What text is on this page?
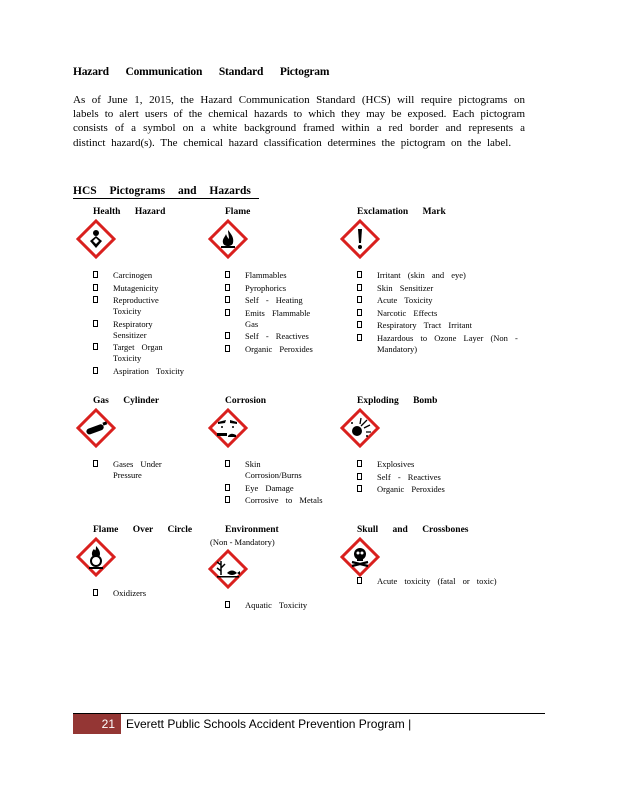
Hazard Communication Standard Pictogram

As of June 1, 2015, the Hazard Communication Standard (HCS) will require pictograms on labels to alert users of the chemical hazards to which they may be exposed. Each pictogram consists of a symbol on a white background framed within a red border and represents a distinct hazard(s). The chemical hazard classification determines the pictogram on the label.

HCS Pictograms and Hazards
Health Hazard
Carcinogen
Mutagenicity
Reproductive Toxicity
Respiratory Sensitizer
Target Organ Toxicity
Aspiration Toxicity
Flame
Flammables
Pyrophorics
Self - Heating
Emits Flammable Gas
Self - Reactives
Organic Peroxides
Exclamation Mark
Irritant (skin and eye)
Skin Sensitizer
Acute Toxicity
Narcotic Effects
Respiratory Tract Irritant
Hazardous to Ozone Layer (Non - Mandatory)
Gas Cylinder
Gases Under Pressure
Corrosion
Skin Corrosion/Burns
Eye Damage
Corrosive to Metals
Exploding Bomb
Explosives
Self - Reactives
Organic Peroxides
Flame Over Circle
Oxidizers
Environment
(Non - Mandatory)
Aquatic Toxicity
Skull and Crossbones
Acute toxicity (fatal or toxic)
21 Everett Public Schools Accident Prevention Program |
